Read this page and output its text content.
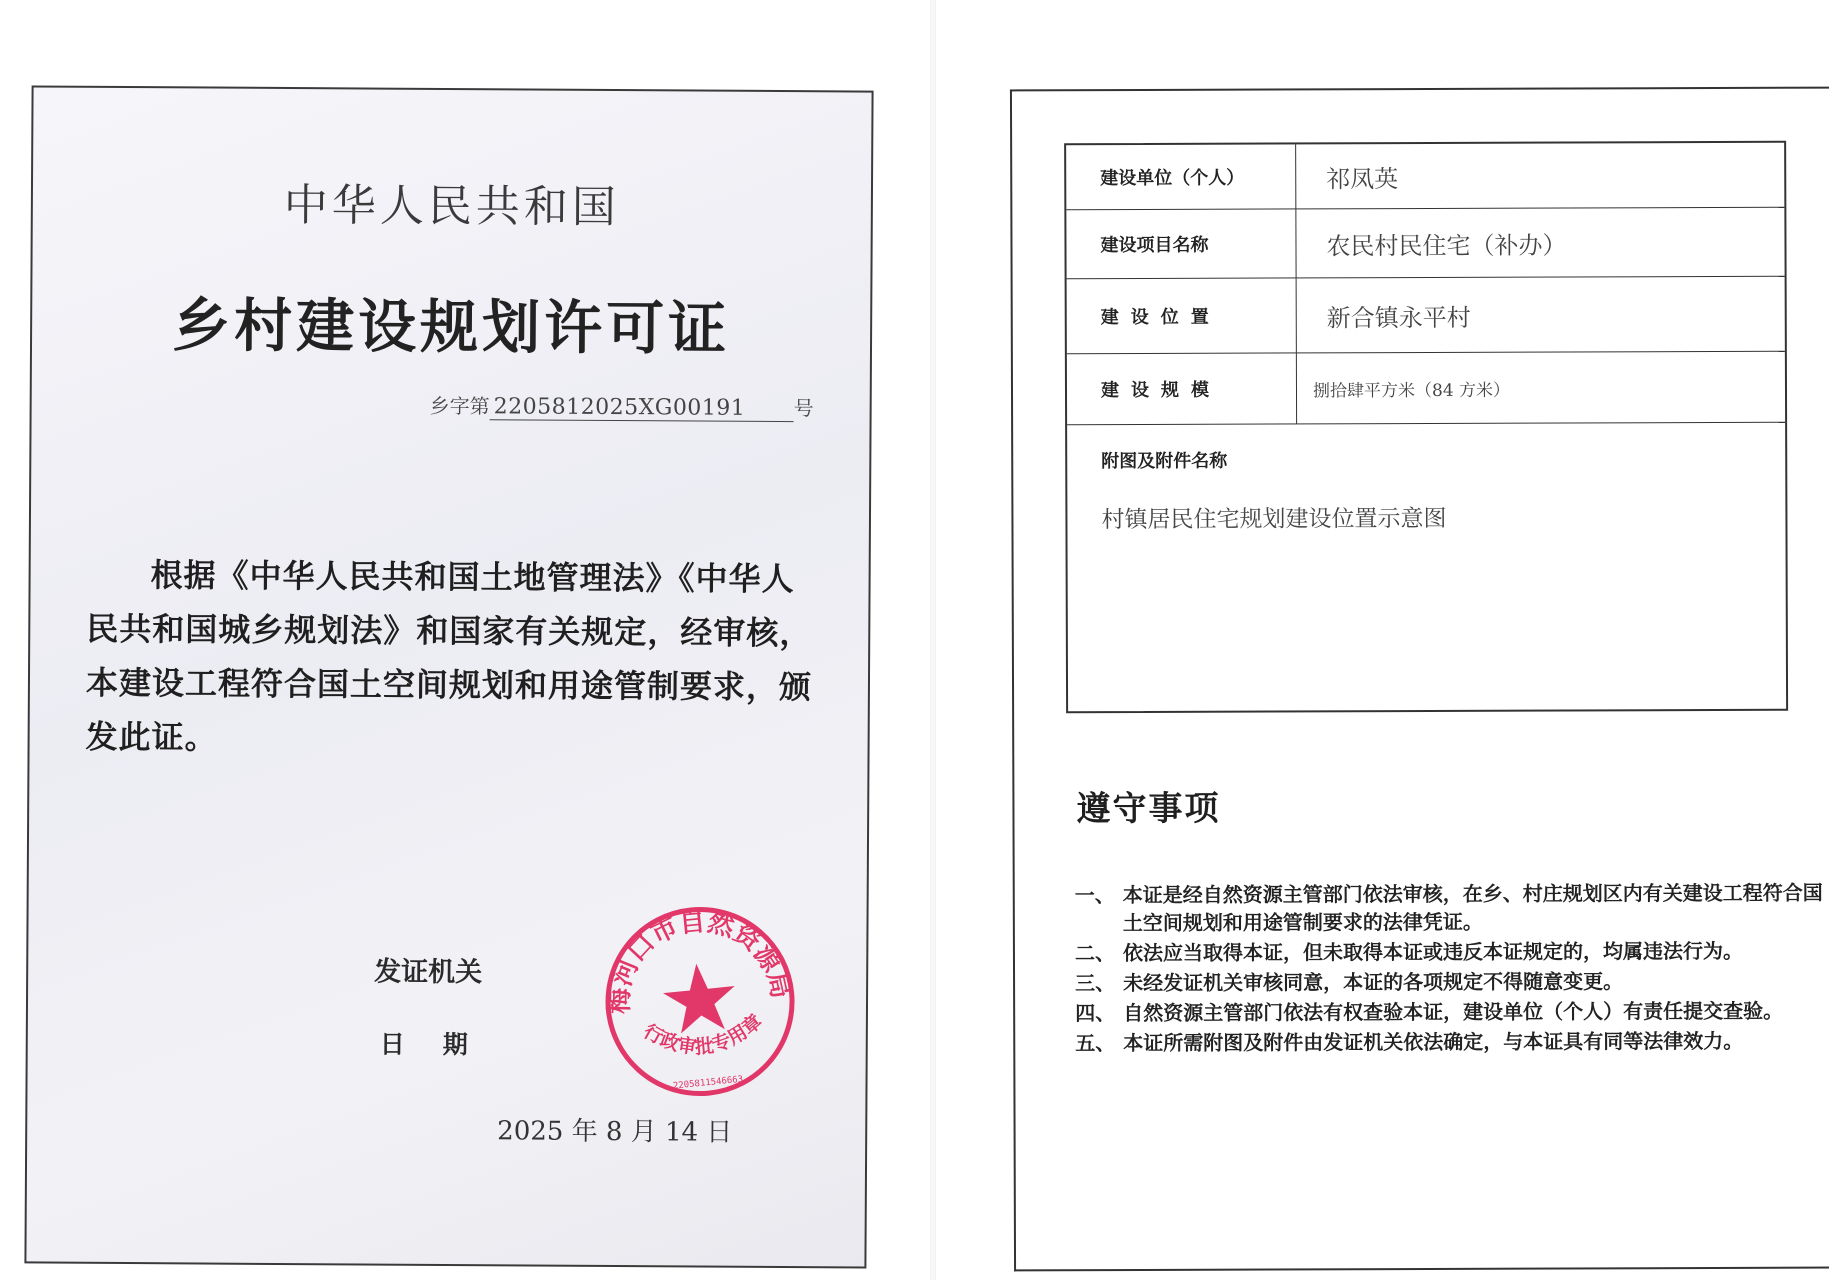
中华人民共和国
乡村建设规划许可证
乡字第 2205812025XG00191 号
根据《中华人民共和国土地管理法》《中华人民共和国城乡规划法》和国家有关规定，经审核，本建设工程符合国土空间规划和用途管制要求，颁发此证。
发证机关
日期
2025 年 8 月 14 日
梅河口市自然资源局
行政审批专用章
2205811546663
建设单位（个人）	祁凤英
建设项目名称	农民村民住宅（补办）
建设位置	新合镇永平村
建设规模	捌拾肆平方米（84 方米）
附图及附件名称
村镇居民住宅规划建设位置示意图
遵守事项
一、 本证是经自然资源主管部门依法审核，在乡、村庄规划区内有关建设工程符合国土空间规划和用途管制要求的法律凭证。
二、 依法应当取得本证，但未取得本证或违反本证规定的，均属违法行为。
三、 未经发证机关审核同意，本证的各项规定不得随意变更。
四、 自然资源主管部门依法有权查验本证，建设单位（个人）有责任提交查验。
五、 本证所需附图及附件由发证机关依法确定，与本证具有同等法律效力。
